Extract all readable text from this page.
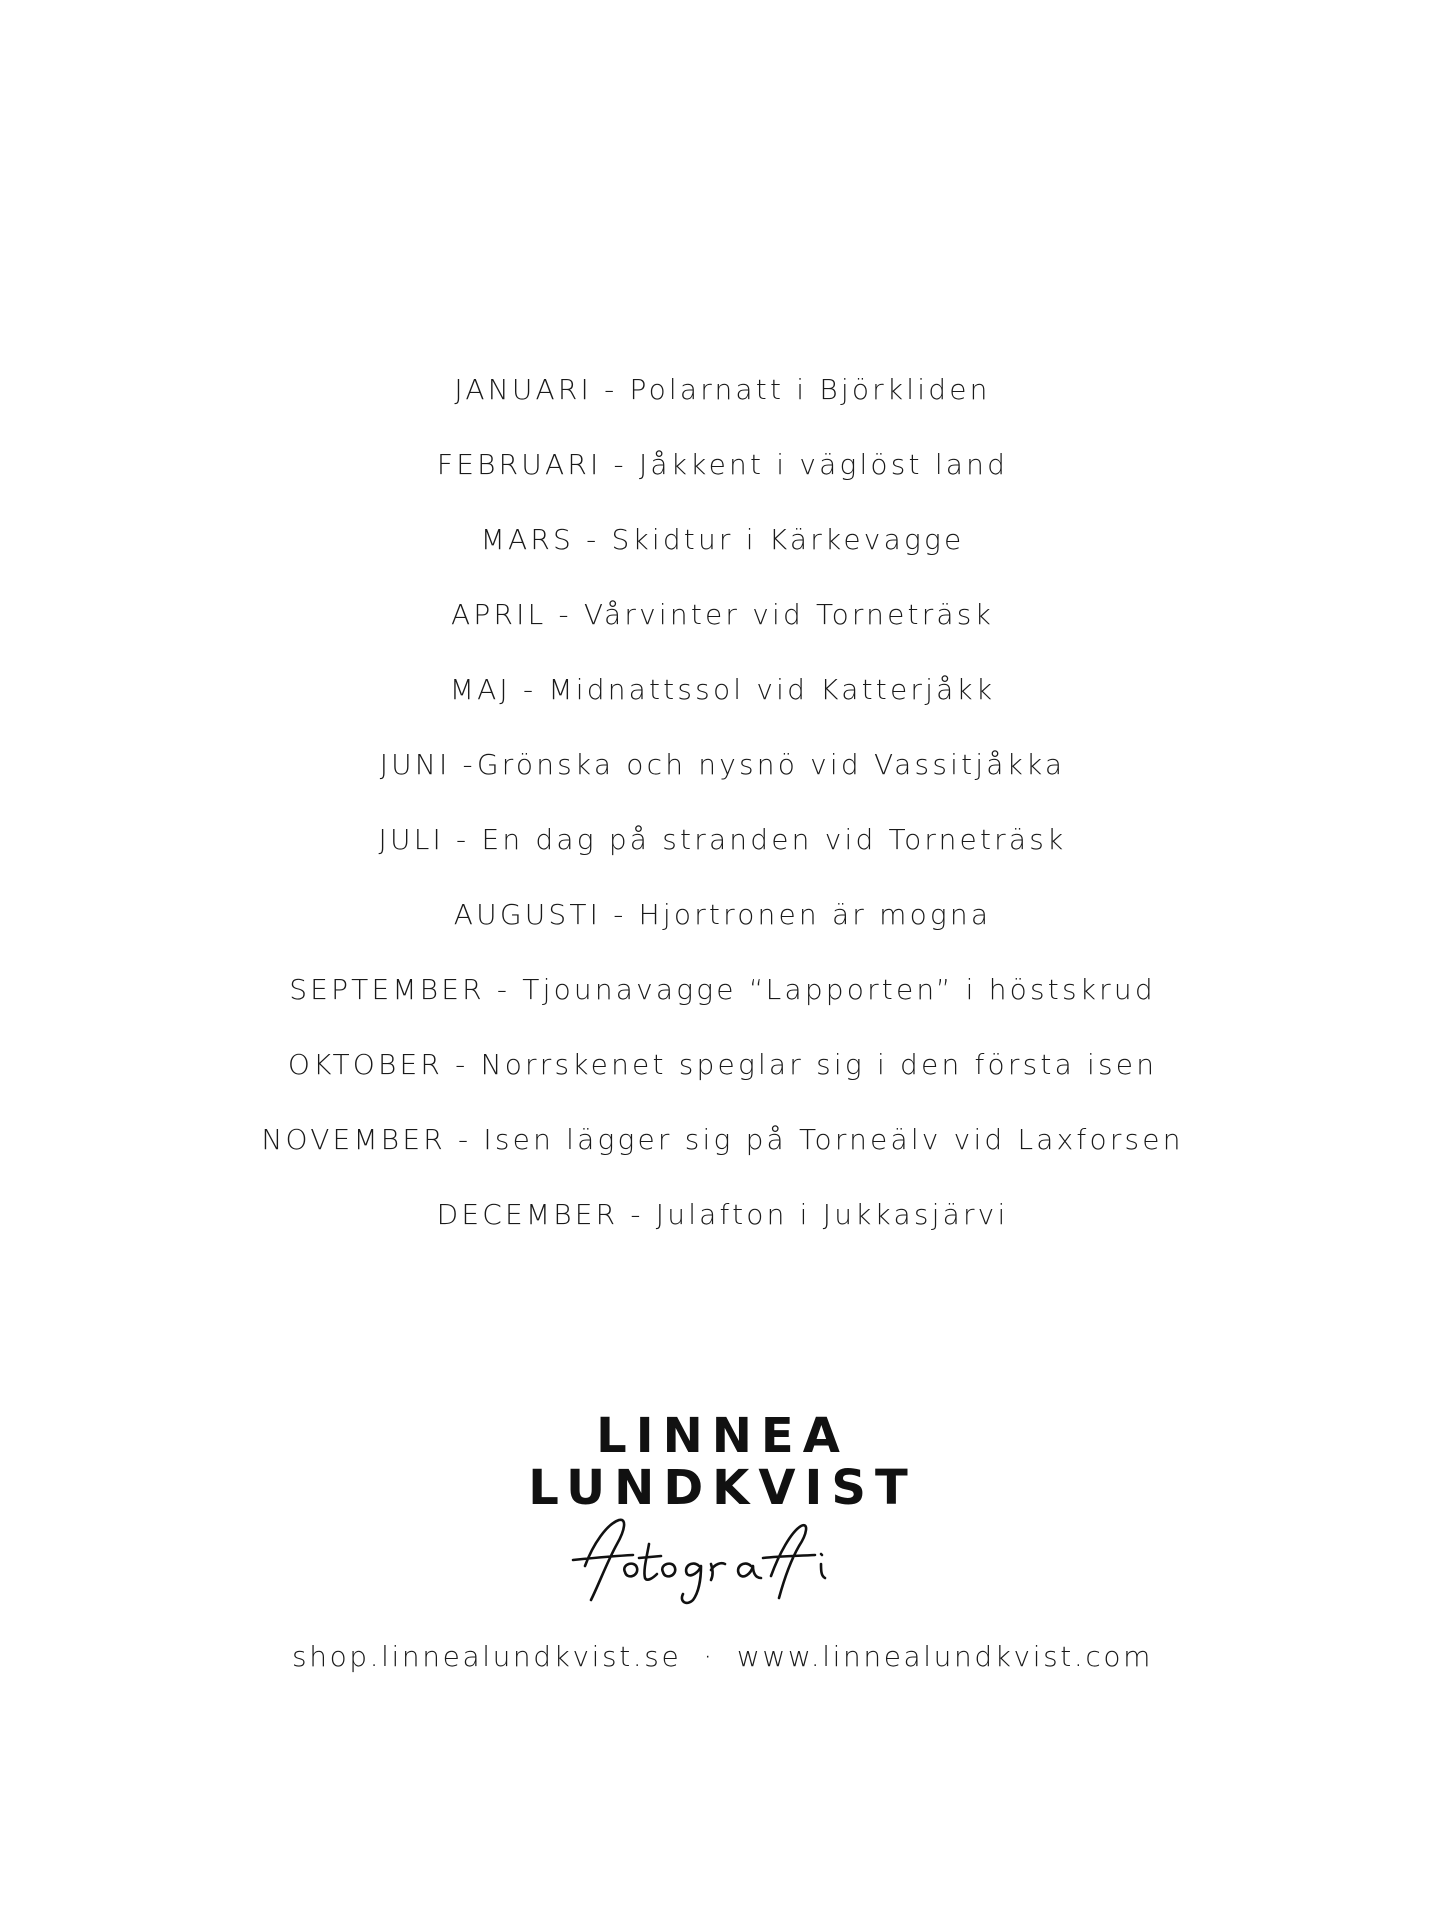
JANUARI - Polarnatt i Björkliden
FEBRUARI - Jåkkent i väglöst land
MARS - Skidtur i Kärkevagge
APRIL - Vårvinter vid Torneträsk
MAJ - Midnattssol vid Katterjåkk
JUNI -Grönska och nysnö vid Vassitjåkka
JULI - En dag på stranden vid Torneträsk
AUGUSTI - Hjortronen är mogna
SEPTEMBER - Tjounavagge “Lapporten” i höstskrud
OKTOBER - Norrskenet speglar sig i den första isen
NOVEMBER - Isen lägger sig på Torneälv vid Laxforsen
DECEMBER - Julafton i Jukkasjärvi
LINNEA
LUNDKVIST
shop.linnealundkvist.se · www.linnealundkvist.com
